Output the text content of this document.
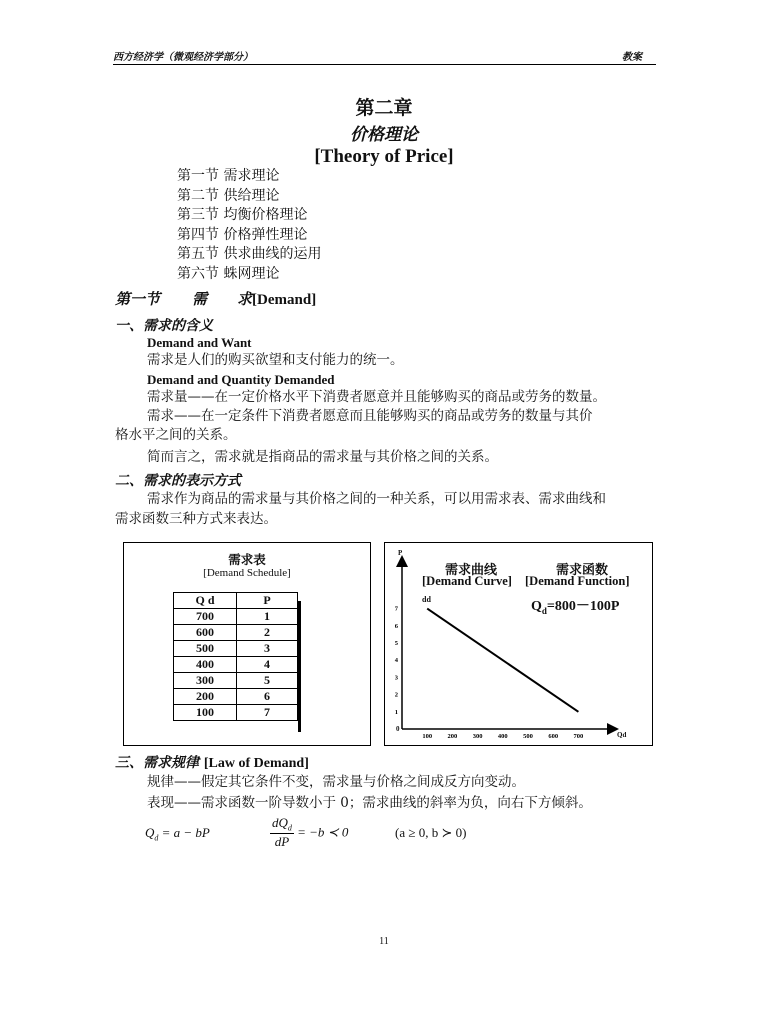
西方经济学（微观经济学部分）	教案
第二章
价格理论
[Theory of Price]
第一节 需求理论
第二节 供给理论
第三节 均衡价格理论
第四节 价格弹性理论
第五节 供求曲线的运用
第六节 蛛网理论
第一节 需 求[Demand]
一、需求的含义
Demand and Want
需求是人们的购买欲望和支付能力的统一。
Demand and Quantity Demanded
需求量——在一定价格水平下消费者愿意并且能够购买的商品或劳务的数量。
需求——在一定条件下消费者愿意而且能够购买的商品或劳务的数量与其价
格水平之间的关系。
简而言之，需求就是指商品的需求量与其价格之间的关系。
二、需求的表示方式
需求作为商品的需求量与其价格之间的一种关系，可以用需求表、需求曲线和
需求函数三种方式来表达。
需求表
[Demand Schedule]
Q d	P
700	1
600	2
500	3
400	4
300	5
200	6
100	7
100 200 300 400 500 600 700
1
2
3
4
5
6
7
P
Qd
0
需求曲线	需求函数
[Demand Curve] [Demand Function]
$Q_d=800-100P$
dd
三、需求规律 [Law of Demand]
规律——假定其它条件不变，需求量与价格之间成反方向变动。
表现——需求函数一阶导数小于 0；需求曲线的斜率为负，向右下方倾斜。
$Q_d = a$ − bP
$dQ_d$
dP
= −b ≺ 0	(a ≥ 0, b ≻ 0)
11
